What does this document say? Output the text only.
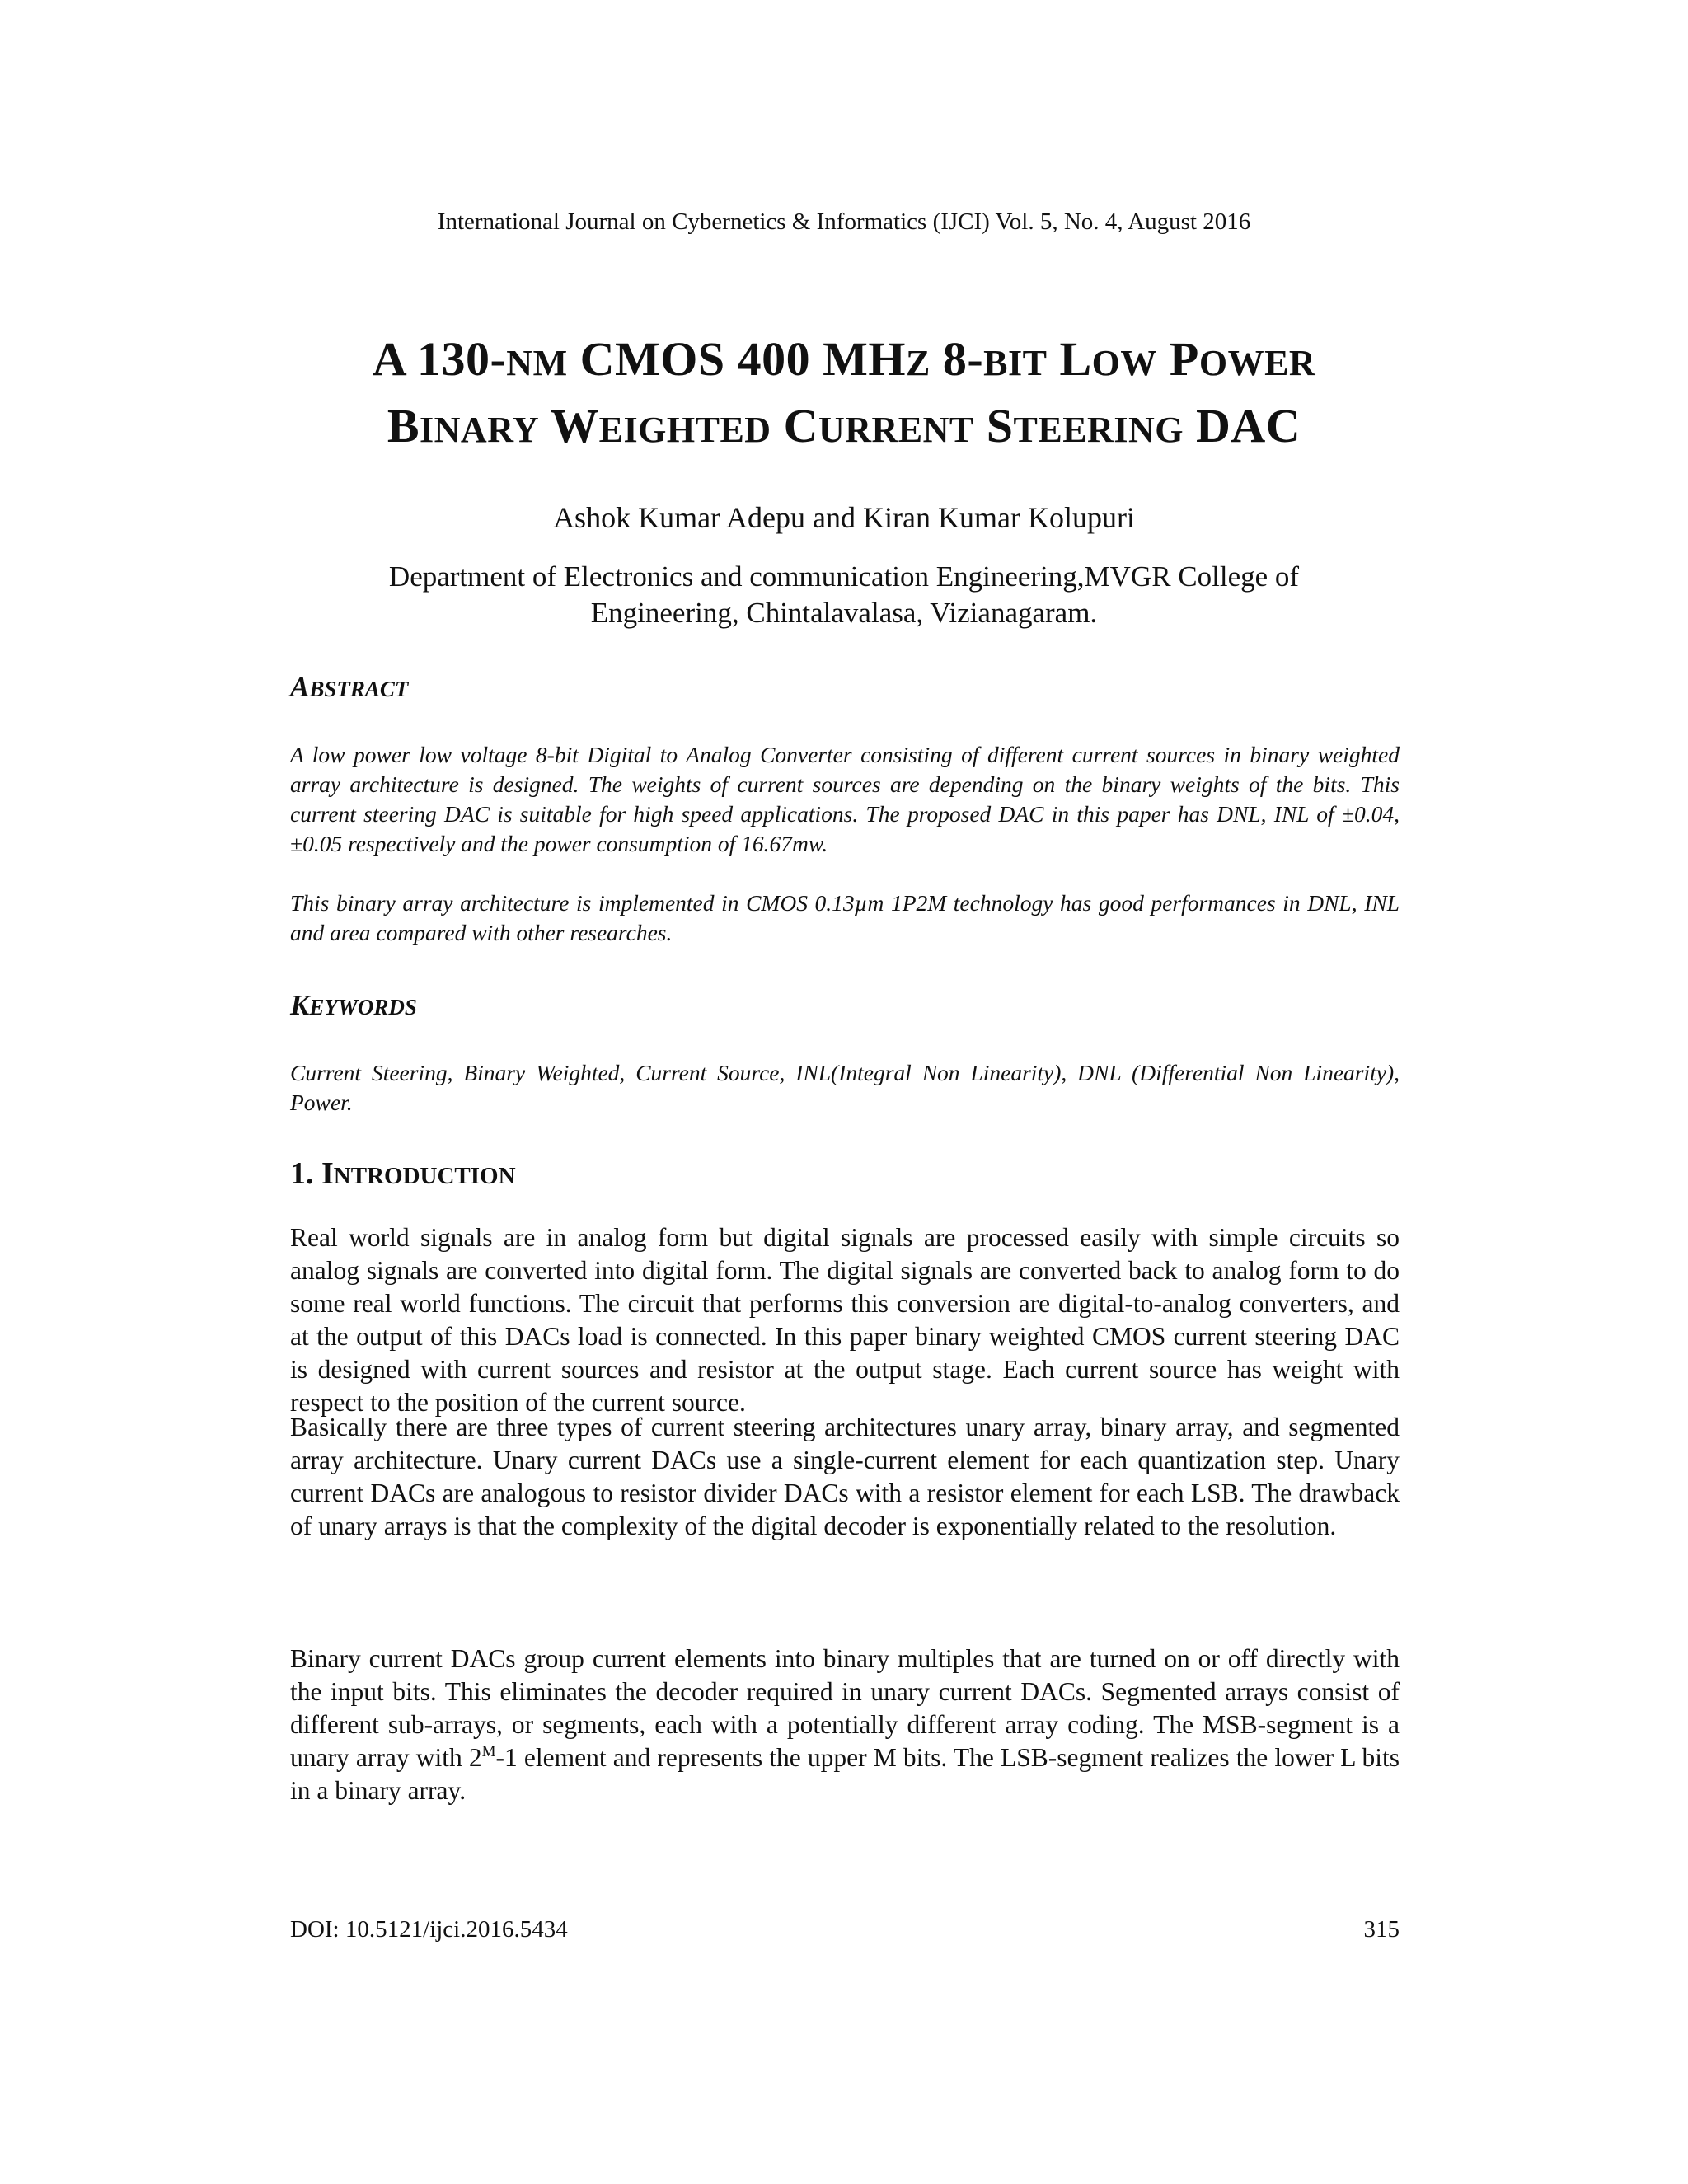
International Journal on Cybernetics & Informatics (IJCI) Vol. 5, No. 4, August 2016
A 130-NM CMOS 400 MHZ 8-BIT LOW POWER
BINARY WEIGHTED CURRENT STEERING DAC
Ashok Kumar Adepu and Kiran Kumar Kolupuri
Department of Electronics and communication Engineering,MVGR College of Engineering, Chintalavalasa, Vizianagaram.
ABSTRACT
A low power low voltage 8-bit Digital to Analog Converter consisting of different current sources in binary weighted array architecture is designed. The weights of current sources are depending on the binary weights of the bits. This current steering DAC is suitable for high speed applications. The proposed DAC in this paper has DNL, INL of ±0.04, ±0.05 respectively and the power consumption of 16.67mw.
This binary array architecture is implemented in CMOS 0.13µm 1P2M technology has good performances in DNL, INL and area compared with other researches.
KEYWORDS
Current Steering, Binary Weighted, Current Source, INL(Integral Non Linearity), DNL (Differential Non Linearity), Power.
1. INTRODUCTION
Real world signals are in analog form but digital signals are processed easily with simple circuits so analog signals are converted into digital form. The digital signals are converted back to analog form to do some real world functions. The circuit that performs this conversion are digital-to-analog converters, and at the output of this DACs load is connected. In this paper binary weighted CMOS current steering DAC is designed with current sources and resistor at the output stage. Each current source has weight with respect to the position of the current source.
Basically there are three types of current steering architectures unary array, binary array, and segmented array architecture. Unary current DACs use a single-current element for each quantization step. Unary current DACs are analogous to resistor divider DACs with a resistor element for each LSB. The drawback of unary arrays is that the complexity of the digital decoder is exponentially related to the resolution.
Binary current DACs group current elements into binary multiples that are turned on or off directly with the input bits. This eliminates the decoder required in unary current DACs. Segmented arrays consist of different sub-arrays, or segments, each with a potentially different array coding. The MSB-segment is a unary array with $2^M-1$ element and represents the upper M bits. The LSB-segment realizes the lower L bits in a binary array.
DOI: 10.5121/ijci.2016.5434	315
